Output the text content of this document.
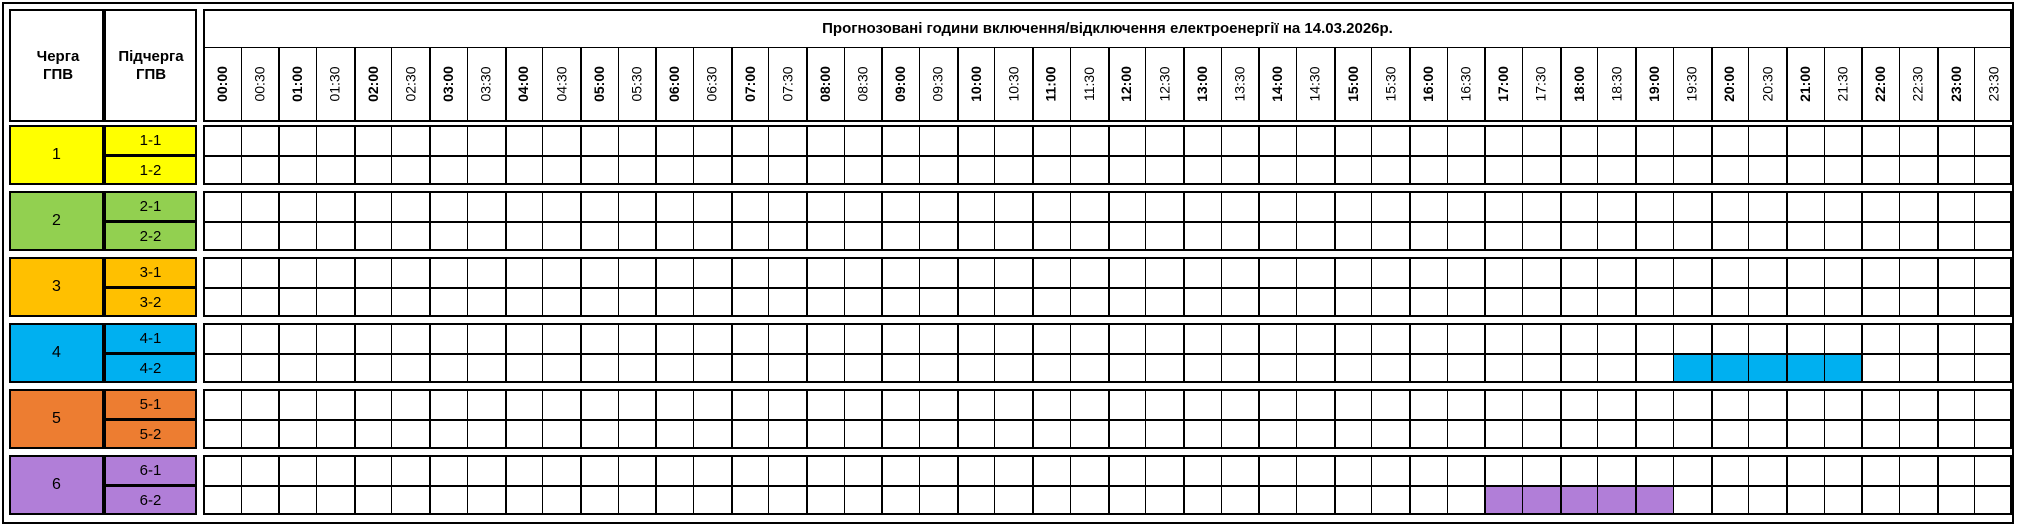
Черга ГПВ
Підчерга ГПВ
Прогнозовані години включення/відключення електроенергії на 14.03.2026р.
00:00 00:30 01:00 01:30 02:00 02:30 03:00 03:30 04:00 04:30 05:00 05:30 06:00 06:30 07:00 07:30 08:00 08:30 09:00 09:30 10:00 10:30 11:00 11:30 12:00 12:30 13:00 13:30 14:00 14:30 15:00 15:30 16:00 16:30 17:00 17:30 18:00 18:30 19:00 19:30 20:00 20:30 21:00 21:30 22:00 22:30 23:00 23:30
1
1-1
1-2
2
2-1
2-2
3
3-1
3-2
4
4-1
4-2
5
5-1
5-2
6
6-1
6-2
